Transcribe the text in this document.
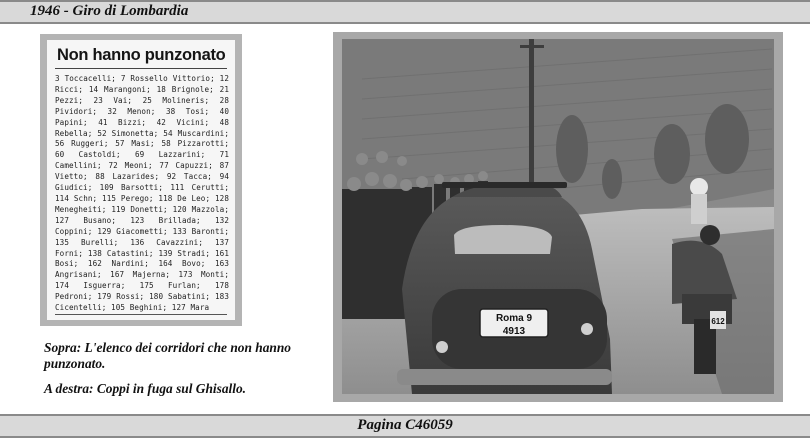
1946 - Giro di Lombardia
Non hanno punzonato
3 Toccacelli; 7 Rossello Vittorio; 12 Ricci; 14 Marangoni; 18 Brignole; 21 Pezzi; 23 Vai; 25 Molineris; 28 Pividori; 32 Menon; 38 Tosi; 40 Papini; 41 Bizzi; 42 Vicini; 48 Rebella; 52 Simonetta; 54 Muscardini; 56 Ruggeri; 57 Masi; 58 Pizzarotti; 60 Castoldi; 69 Lazzarini; 71 Camellini; 72 Meoni; 77 Capuzzi; 87 Vietto; 88 Lazarides; 92 Tacca; 94 Giudici; 109 Barsotti; 111 Cerutti; 114 Schn; 115 Perego; 118 De Leo; 128 Menegheiti; 119 Donetti; 120 Mazzola; 127 Busano; 123 Brillada; 132 Coppini; 129 Giacometti; 133 Baronti; 135 Burelli; 136 Cavazzini; 137 Forni; 138 Catastini; 139 Stradi; 161 Bosi; 162 Nardini; 164 Bovo; 163 Angrisani; 167 Majerna; 173 Monti; 174 Isguerra; 175 Furlan; 178 Pedroni; 179 Rossi; 180 Sabatini; 183 Cicentelli; 105 Beghini; 127 Mara
Sopra: L'elenco dei corridori che non hanno punzonato.
A destra: Coppi in fuga sul Ghisallo.
Roma 9
4913
612
Pagina C46059
